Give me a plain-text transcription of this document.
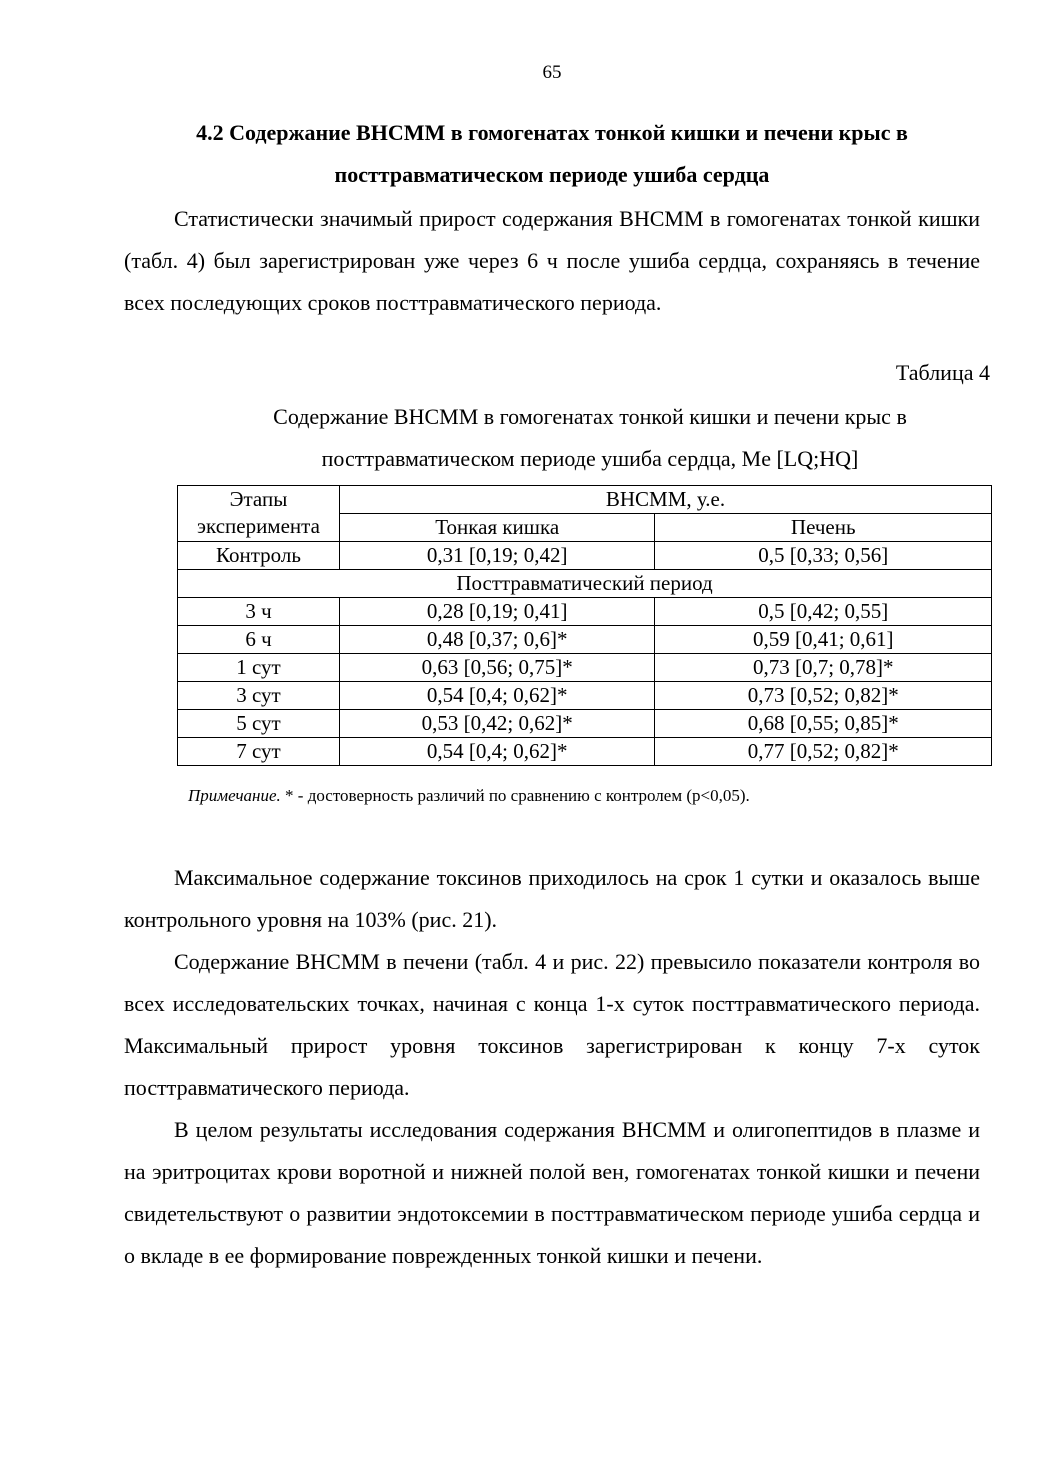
65
4.2 Содержание ВНСММ в гомогенатах тонкой кишки и печени крыс в посттравматическом периоде ушиба сердца

Статистически значимый прирост содержания ВНСММ в гомогенатах тонкой кишки (табл. 4) был зарегистрирован уже через 6 ч после ушиба сердца, сохраняясь в течение всех последующих сроков посттравматического периода.

Таблица 4
Содержание ВНСММ в гомогенатах тонкой кишки и печени крыс в посттравматическом периоде ушиба сердца, Me [LQ;HQ]
Этапы эксперимента	ВНСММ, у.е.	
	Тонкая кишка	Печень
Контроль	0,31 [0,19; 0,42]	0,5 [0,33; 0,56]
Посттравматический период		
3 ч	0,28 [0,19; 0,41]	0,5 [0,42; 0,55]
6 ч	0,48 [0,37; 0,6]*	0,59 [0,41; 0,61]
1 сут	0,63 [0,56; 0,75]*	0,73 [0,7; 0,78]*
3 сут	0,54 [0,4; 0,62]*	0,73 [0,52; 0,82]*
5 сут	0,53 [0,42; 0,62]*	0,68 [0,55; 0,85]*
7 сут	0,54 [0,4; 0,62]*	0,77 [0,52; 0,82]*
Примечание. * - достоверность различий по сравнению с контролем (р<0,05).

Максимальное содержание токсинов приходилось на срок 1 сутки и оказалось выше контрольного уровня на 103% (рис. 21).

Содержание ВНСММ в печени (табл. 4 и рис. 22) превысило показатели контроля во всех исследовательских точках, начиная с конца 1-х суток посттравматического периода. Максимальный прирост уровня токсинов зарегистрирован к концу 7-х суток посттравматического периода.

В целом результаты исследования содержания ВНСММ и олигопептидов в плазме и на эритроцитах крови воротной и нижней полой вен, гомогенатах тонкой кишки и печени свидетельствуют о развитии эндотоксемии в посттравматическом периоде ушиба сердца и о вкладе в ее формирование поврежденных тонкой кишки и печени.
